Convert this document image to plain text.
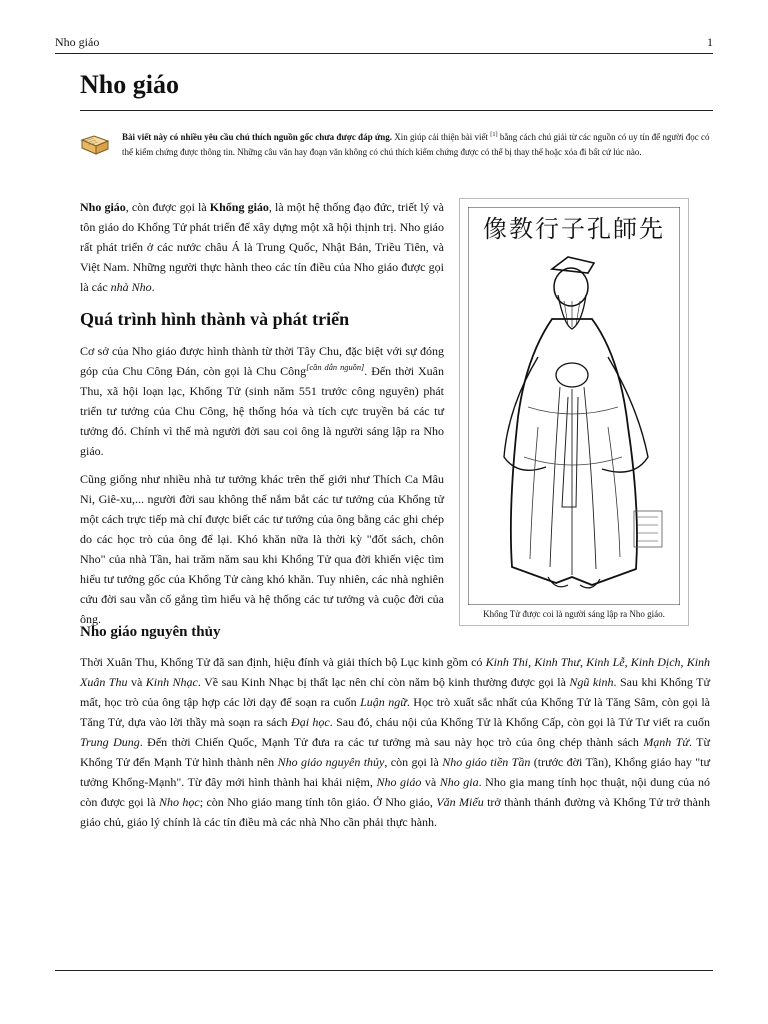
Nho giáo	1
Nho giáo
Bài viết này có nhiều yêu cầu chú thích nguồn gốc chưa được đáp ứng. Xin giúp cải thiện bài viết [1] bằng cách chú giải từ các nguồn có uy tín để người đọc có thể kiểm chứng được thông tin. Những câu văn hay đoạn văn không có chú thích kiểm chứng được có thể bị thay thế hoặc xóa đi bất cứ lúc nào.

Nho giáo, còn được gọi là Khổng giáo, là một hệ thống đạo đức, triết lý và tôn giáo do Khổng Tử phát triển để xây dựng một xã hội thịnh trị. Nho giáo rất phát triển ở các nước châu Á là Trung Quốc, Nhật Bản, Triều Tiên, và Việt Nam. Những người thực hành theo các tín điều của Nho giáo được gọi là các nhà Nho.

Quá trình hình thành và phát triển

Cơ sở của Nho giáo được hình thành từ thời Tây Chu, đặc biệt với sự đóng góp của Chu Công Đán, còn gọi là Chu Công[cần dẫn nguồn]. Đến thời Xuân Thu, xã hội loạn lạc, Khổng Tử (sinh năm 551 trước công nguyên) phát triển tư tưởng của Chu Công, hệ thống hóa và tích cực truyền bá các tư tưởng đó. Chính vì thế mà người đời sau coi ông là người sáng lập ra Nho giáo.

Cũng giống như nhiều nhà tư tưởng khác trên thế giới như Thích Ca Mâu Ni, Giê-xu,... người đời sau không thể nắm bắt các tư tưởng của Khổng tử một cách trực tiếp mà chỉ được biết các tư tưởng của ông bằng các ghi chép do các học trò của ông để lại. Khó khăn nữa là thời kỳ "đốt sách, chôn Nho" của nhà Tần, hai trăm năm sau khi Khổng Tử qua đời khiến việc tìm hiểu tư tưởng gốc của Khổng Tử càng khó khăn. Tuy nhiên, các nhà nghiên cứu đời sau vẫn cố gắng tìm hiểu và hệ thống các tư tưởng và cuộc đời của ông.

Nho giáo nguyên thủy

Thời Xuân Thu, Khổng Tử đã san định, hiệu đính và giải thích bộ Lục kinh gồm có Kinh Thi, Kinh Thư, Kinh Lễ, Kinh Dịch, Kinh Xuân Thu và Kinh Nhạc. Về sau Kinh Nhạc bị thất lạc nên chỉ còn năm bộ kinh thường được gọi là Ngũ kinh. Sau khi Khổng Tử mất, học trò của ông tập hợp các lời dạy để soạn ra cuốn Luận ngữ. Học trò xuất sắc nhất của Khổng Tử là Tăng Sâm, còn gọi là Tăng Tử, dựa vào lời thầy mà soạn ra sách Đại học. Sau đó, cháu nội của Khổng Tử là Khổng Cấp, còn gọi là Tử Tư viết ra cuốn Trung Dung. Đến thời Chiến Quốc, Mạnh Tử đưa ra các tư tưởng mà sau này học trò của ông chép thành sách Mạnh Tử. Từ Khổng Tử đến Mạnh Tử hình thành nên Nho giáo nguyên thủy, còn gọi là Nho giáo tiền Tần (trước đời Tần), Khổng giáo hay "tư tưởng Khổng-Mạnh". Từ đây mới hình thành hai khái niệm, Nho giáo và Nho gia. Nho gia mang tính học thuật, nội dung của nó còn được gọi là Nho học; còn Nho giáo mang tính tôn giáo. Ở Nho giáo, Văn Miếu trở thành thánh đường và Khổng Tử trở thành giáo chủ, giáo lý chính là các tín điều mà các nhà Nho cần phải thực hành.

像教行子孔師先
Khổng Tử được coi là người sáng lập ra Nho giáo.
